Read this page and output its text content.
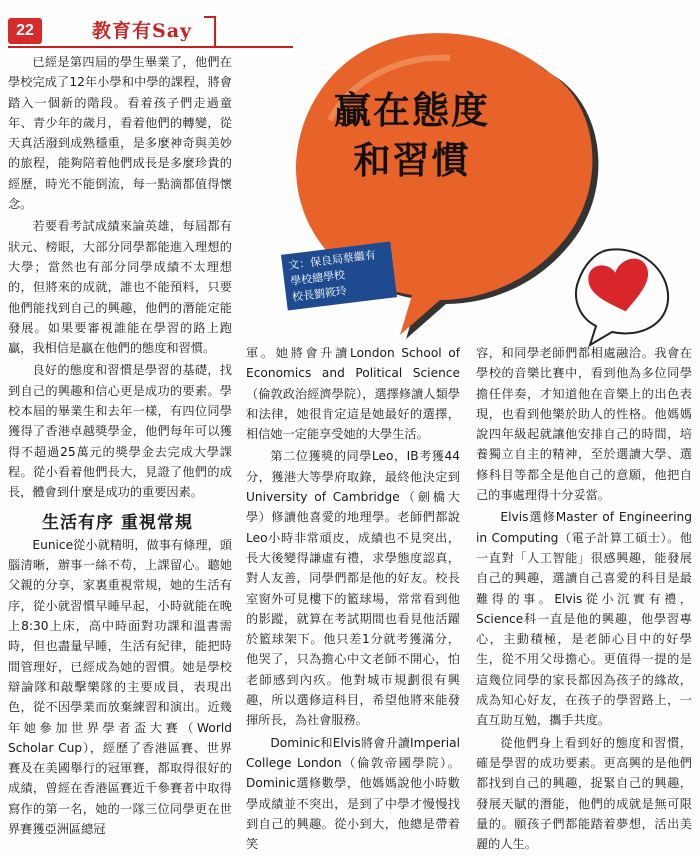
22	教育有Say
贏在態度
和習慣
文：保良局蔡繼有
學校總學校
校長劉筱玲

已經是第四屆的學生畢業了，他們在學校完成了12年小學和中學的課程，將會踏入一個新的階段。看着孩子們走過童年、青少年的歲月，看着他們的轉變，從天真活潑到成熟穩重，是多麼神奇與美妙的旅程，能夠陪着他們成長是多麼珍貴的經歷，時光不能倒流，每一點滴都值得懷念。

若要看考試成績來論英雄，每屆都有狀元、榜眼，大部分同學都能進入理想的大學；當然也有部分同學成績不太理想的，但將來的成就，誰也不能預料，只要他們能找到自己的興趣，他們的潛能定能發展。如果要審視誰能在學習的路上跑贏，我相信是贏在他們的態度和習慣。

良好的態度和習慣是學習的基礎，找到自己的興趣和信心更是成功的要素。學校本屆的畢業生和去年一樣，有四位同學獲得了香港卓越獎學金，他們每年可以獲得不超過25萬元的獎學金去完成大學課程。從小看着他們長大，見證了他們的成長，體會到什麼是成功的重要因素。

生活有序 重視常規

Eunice從小就精明，做事有條理，頭腦清晰，辦事一絲不苟，上課留心。聽她父親的分享，家裏重視常規，她的生活有序，從小就習慣早睡早起，小時就能在晚上8:30上床，高中時面對功課和溫書需時，但也盡量早睡，生活有紀律，能把時間管理好，已經成為她的習慣。她是學校辯論隊和敲擊樂隊的主要成員，表現出色，從不因學業而放棄練習和演出。近幾年她參加世界學者盃大賽（World Scholar Cup），經歷了香港區賽、世界賽及在美國舉行的冠軍賽，都取得很好的成績，曾經在香港區賽近千參賽者中取得寫作的第一名，她的一隊三位同學更在世界賽獲亞洲區總冠

軍。她將會升讀London School of Economics and Political Science（倫敦政治經濟學院），選擇修讀人類學和法律，她很肯定這是她最好的選擇，相信她一定能享受她的大學生活。

第二位獲獎的同學Leo，IB考獲44分，獲港大等學府取錄，最終他決定到University of Cambridge（劍橋大學）修讀他喜愛的地理學。老師們都說Leo小時非常頑皮，成績也不見突出，長大後變得謙虛有禮，求學態度認真，對人友善，同學們都是他的好友。校長室窗外可見樓下的籃球場，常常看到他的影蹤，就算在考試期間也看見他活躍於籃球架下。他只差1分就考獲滿分，他哭了，只為擔心中文老師不開心，怕老師感到內疚。他對城市規劃很有興趣，所以選修這科目，希望他將來能發揮所長，為社會服務。

Dominic和Elvis將會升讀Imperial College London（倫敦帝國學院）。Dominic選修數學，他媽媽說他小時數學成績並不突出，是到了中學才慢慢找到自己的興趣。從小到大，他總是帶着笑

容，和同學老師們都相處融洽。我會在學校的音樂比賽中，看到他為多位同學擔任伴奏，才知道他在音樂上的出色表現，也看到他樂於助人的性格。他媽媽說四年級起就讓他安排自己的時間，培養獨立自主的精神，至於選讀大學、選修科目等都全是他自己的意願，他把自己的事處理得十分妥當。

Elvis選修Master of Engineering in Computing（電子計算工碩士）。他一直對「人工智能」很感興趣，能發展自己的興趣，選讀自己喜愛的科目是最難得的事。Elvis從小沉實有禮，Science科一直是他的興趣，他學習專心，主動積極，是老師心目中的好學生，從不用父母擔心。更值得一提的是這幾位同學的家長都因為孩子的緣故，成為知心好友，在孩子的學習路上，一直互助互勉，攜手共度。

從他們身上看到好的態度和習慣，確是學習的成功要素。更高興的是他們都找到自己的興趣，捉緊自己的興趣，發展天賦的潛能，他們的成就是無可限量的。願孩子們都能踏着夢想，活出美麗的人生。
